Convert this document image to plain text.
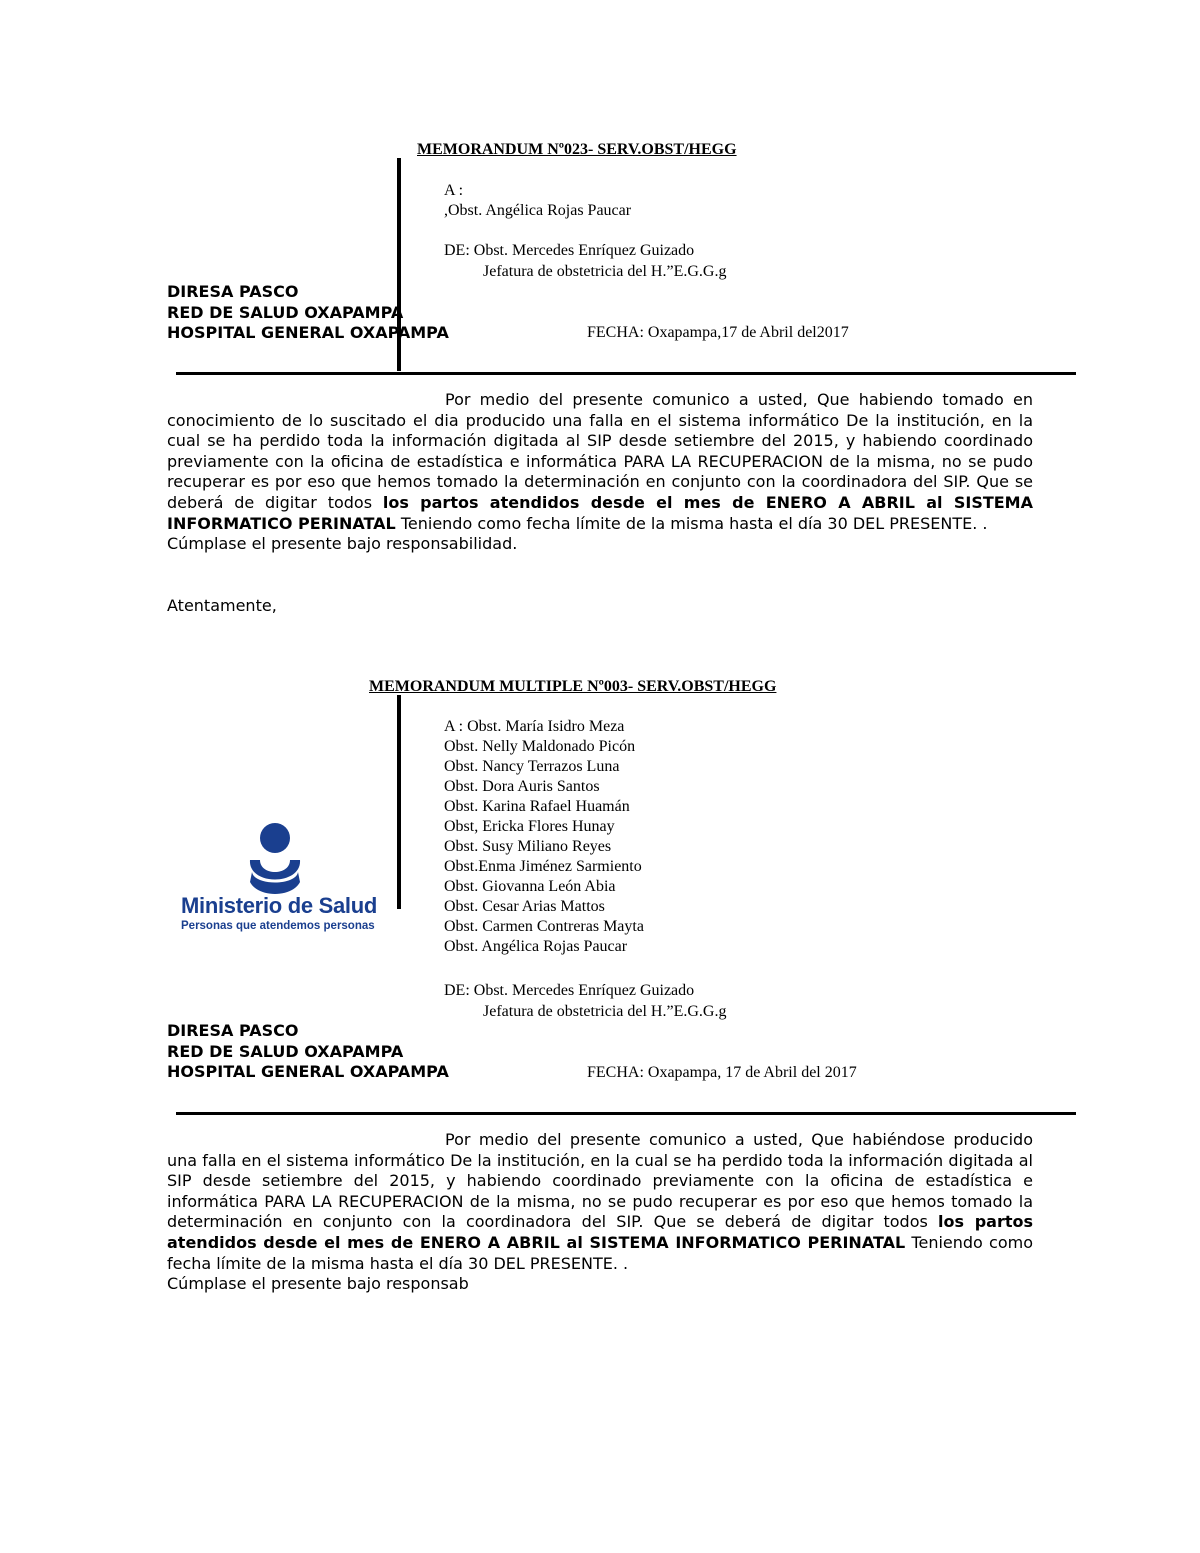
MEMORANDUM Nº023- SERV.OBST/HEGG
A :
,Obst. Angélica Rojas Paucar
DE: Obst. Mercedes Enríquez Guizado
Jefatura de obstetricia del H.”E.G.G.g
DIRESA PASCO
RED DE SALUD OXAPAMPA
HOSPITAL GENERAL OXAPAMPA	FECHA: Oxapampa,17 de Abril del2017

Por medio del presente comunico a usted, Que habiendo tomado en conocimiento de lo suscitado el dia producido una falla en el sistema informático De la institución, en la cual se ha perdido toda la información digitada al SIP desde setiembre del 2015, y habiendo coordinado previamente con la oficina de estadística e informática PARA LA RECUPERACION de la misma, no se pudo recuperar es por eso que hemos tomado la determinación en conjunto con la coordinadora del SIP. Que se deberá de digitar todos los partos atendidos desde el mes de ENERO A ABRIL al SISTEMA INFORMATICO PERINATAL Teniendo como fecha límite de la misma hasta el día 30 DEL PRESENTE. .

Cúmplase el presente bajo responsabilidad.

Atentamente,
MEMORANDUM MULTIPLE Nº003- SERV.OBST/HEGG
A : Obst. María Isidro Meza
Obst. Nelly Maldonado Picón
Obst. Nancy Terrazos Luna
Obst. Dora Auris Santos
Obst. Karina Rafael Huamán
Obst, Ericka Flores Hunay
Obst. Susy Miliano Reyes
Obst.Enma Jiménez Sarmiento
Obst. Giovanna León Abia
Obst. Cesar Arias Mattos
Obst. Carmen Contreras Mayta
Obst. Angélica Rojas Paucar
Ministerio de Salud
Personas que atendemos personas
DE: Obst. Mercedes Enríquez Guizado
Jefatura de obstetricia del H.”E.G.G.g
DIRESA PASCO
RED DE SALUD OXAPAMPA
HOSPITAL GENERAL OXAPAMPA	FECHA: Oxapampa, 17 de Abril del 2017

Por medio del presente comunico a usted, Que habiéndose producido una falla en el sistema informático De la institución, en la cual se ha perdido toda la información digitada al SIP desde setiembre del 2015, y habiendo coordinado previamente con la oficina de estadística e informática PARA LA RECUPERACION de la misma, no se pudo recuperar es por eso que hemos tomado la determinación en conjunto con la coordinadora del SIP. Que se deberá de digitar todos los partos atendidos desde el mes de ENERO A ABRIL al SISTEMA INFORMATICO PERINATAL Teniendo como fecha límite de la misma hasta el día 30 DEL PRESENTE. .

Cúmplase el presente bajo responsab
